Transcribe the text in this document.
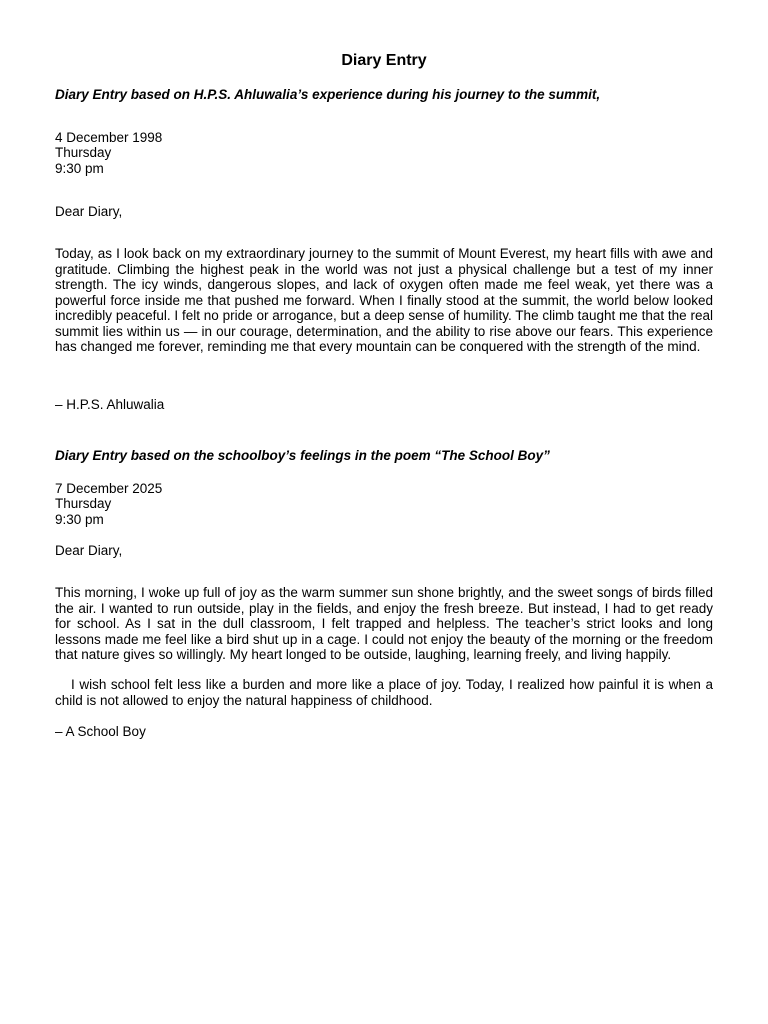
Diary Entry
Diary Entry based on H.P.S. Ahluwalia’s experience during his journey to the summit,
4 December 1998
Thursday
9:30 pm
Dear Diary,
Today, as I look back on my extraordinary journey to the summit of Mount Everest, my heart fills with awe and gratitude. Climbing the highest peak in the world was not just a physical challenge but a test of my inner strength. The icy winds, dangerous slopes, and lack of oxygen often made me feel weak, yet there was a powerful force inside me that pushed me forward. When I finally stood at the summit, the world below looked incredibly peaceful. I felt no pride or arrogance, but a deep sense of humility. The climb taught me that the real summit lies within us — in our courage, determination, and the ability to rise above our fears. This experience has changed me forever, reminding me that every mountain can be conquered with the strength of the mind.
– H.P.S. Ahluwalia
Diary Entry based on the schoolboy’s feelings in the poem “The School Boy”
7 December 2025
Thursday
9:30 pm
Dear Diary,
This morning, I woke up full of joy as the warm summer sun shone brightly, and the sweet songs of birds filled the air. I wanted to run outside, play in the fields, and enjoy the fresh breeze. But instead, I had to get ready for school. As I sat in the dull classroom, I felt trapped and helpless. The teacher’s strict looks and long lessons made me feel like a bird shut up in a cage. I could not enjoy the beauty of the morning or the freedom that nature gives so willingly. My heart longed to be outside, laughing, learning freely, and living happily.
I wish school felt less like a burden and more like a place of joy. Today, I realized how painful it is when a child is not allowed to enjoy the natural happiness of childhood.
– A School Boy
